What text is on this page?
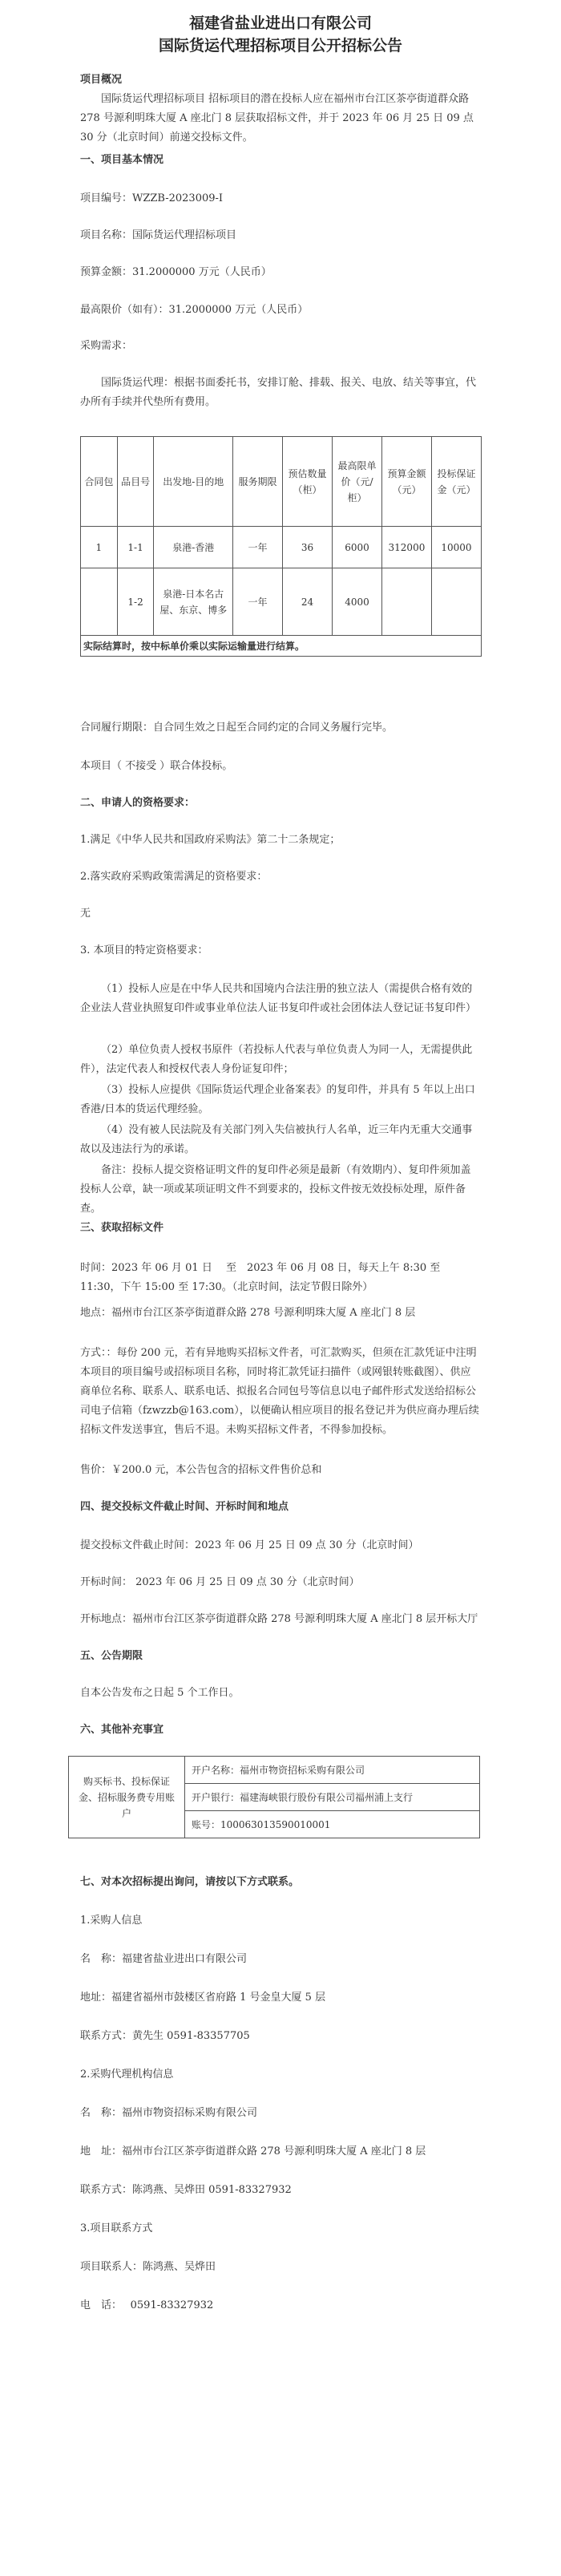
福建省盐业进出口有限公司
国际货运代理招标项目公开招标公告
项目概况
国际货运代理招标项目 招标项目的潜在投标人应在福州市台江区茶亭街道群众路 278 号源利明珠大厦 A 座北门 8 层获取招标文件，并于 2023 年 06 月 25 日 09 点 30 分（北京时间）前递交投标文件。
一、项目基本情况
项目编号：WZZB-2023009-I
项目名称：国际货运代理招标项目
预算金额：31.2000000 万元（人民币）
最高限价（如有）：31.2000000 万元（人民币）
采购需求：
国际货运代理：根据书面委托书，安排订舱、排载、报关、电放、结关等事宜，代办所有手续并代垫所有费用。
合同包	品目号	出发地-目的地	服务期限	预估数量（柜）	最高限单价（元/柜）	预算金额（元）	投标保证金（元）
1	1-1	泉港-香港	一年	36	6000	312000	10000
	1-2	泉港-日本名古屋、东京、博多	一年	24	4000		
实际结算时，按中标单价乘以实际运输量进行结算。							
合同履行期限：自合同生效之日起至合同约定的合同义务履行完毕。
本项目（ 不接受 ）联合体投标。
二、申请人的资格要求：
1.满足《中华人民共和国政府采购法》第二十二条规定；
2.落实政府采购政策需满足的资格要求：
无
3. 本项目的特定资格要求：
（1）投标人应是在中华人民共和国境内合法注册的独立法人（需提供合格有效的企业法人营业执照复印件或事业单位法人证书复印件或社会团体法人登记证书复印件）
（2）单位负责人授权书原件（若投标人代表与单位负责人为同一人，无需提供此件），法定代表人和授权代表人身份证复印件；
（3）投标人应提供《国际货运代理企业备案表》的复印件，并具有 5 年以上出口香港/日本的货运代理经验。
（4）没有被人民法院及有关部门列入失信被执行人名单，近三年内无重大交通事故以及违法行为的承诺。
备注：投标人提交资格证明文件的复印件必须是最新（有效期内）、复印件须加盖投标人公章，缺一项或某项证明文件不到要求的，投标文件按无效投标处理，原件备查。
三、获取招标文件
时间：2023 年 06 月 01 日　 至　2023 年 06 月 08 日，每天上午 8:30 至 11:30，下午 15:00 至 17:30。（北京时间，法定节假日除外）
地点：福州市台江区茶亭街道群众路 278 号源利明珠大厦 A 座北门 8 层
方式：：每份 200 元，若有异地购买招标文件者，可汇款购买，但须在汇款凭证中注明本项目的项目编号或招标项目名称，同时将汇款凭证扫描件（或网银转账截图）、供应商单位名称、联系人、联系电话、拟报名合同包号等信息以电子邮件形式发送给招标公司电子信箱（fzwzzb@163.com），以便确认相应项目的报名登记并为供应商办理后续招标文件发送事宜，售后不退。未购买招标文件者，不得参加投标。
售价：￥200.0 元，本公告包含的招标文件售价总和
四、提交投标文件截止时间、开标时间和地点
提交投标文件截止时间：2023 年 06 月 25 日 09 点 30 分（北京时间）
开标时间： 2023 年 06 月 25 日 09 点 30 分（北京时间）
开标地点：福州市台江区茶亭街道群众路 278 号源利明珠大厦 A 座北门 8 层开标大厅
五、公告期限
自本公告发布之日起 5 个工作日。
六、其他补充事宜
购买标书、投标保证金、招标服务费专用账户	开户名称：福州市物资招标采购有限公司
开户银行：福建海峡银行股份有限公司福州浦上支行
账号：100063013590010001
七、对本次招标提出询问，请按以下方式联系。
1.采购人信息
名　称：福建省盐业进出口有限公司
地址：福建省福州市鼓楼区省府路 1 号金皇大厦 5 层
联系方式：黄先生 0591-83357705
2.采购代理机构信息
名　称：福州市物资招标采购有限公司
地　址：福州市台江区茶亭街道群众路 278 号源利明珠大厦 A 座北门 8 层
联系方式：陈鸿燕、吴烨田 0591-83327932
3.项目联系方式
项目联系人：陈鸿燕、吴烨田
电　话：　 0591-83327932
